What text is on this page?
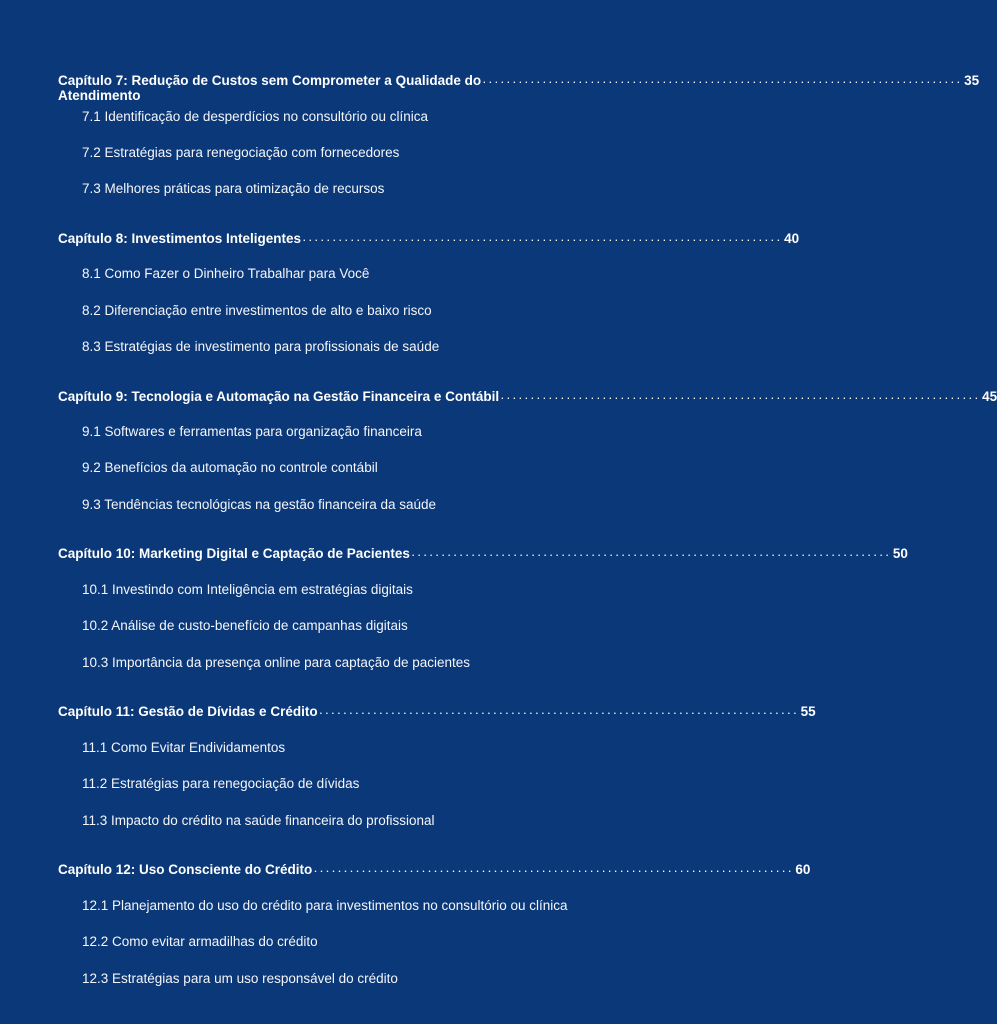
Capítulo 7: Redução de Custos sem Comprometer a Qualidade do . . . . . . . . . . . . . . . . . . . . . . . . . . . . . . . . . . . . . . . . . . . . . . . . . . . . . . . . . . . . . . . . . . . . . . . . . . . . . . . . 35
Atendimento
7.1 Identificação de desperdícios no consultório ou clínica
7.2 Estratégias para renegociação com fornecedores
7.3 Melhores práticas para otimização de recursos
Capítulo 8: Investimentos Inteligentes . . . . . . . . . . . . . . . . . . . . . . . . . . . . . . . . . . . . . . . . . . . . . . . . . . . . . . . . . . . . . . . . . . . . . . . . . . . . . . . . 40
8.1 Como Fazer o Dinheiro Trabalhar para Você
8.2 Diferenciação entre investimentos de alto e baixo risco
8.3 Estratégias de investimento para profissionais de saúde
Capítulo 9: Tecnologia e Automação na Gestão Financeira e Contábil . . . . . . . . . . . . . . . . . . . . . . . . . . . . . . . . . . . . . . . . . . . . . . . . . . . . . . . . . . . . . . . . . . . . . . . . . . . . . . . . 45
9.1 Softwares e ferramentas para organização financeira
9.2 Benefícios da automação no controle contábil
9.3 Tendências tecnológicas na gestão financeira da saúde
Capítulo 10: Marketing Digital e Captação de Pacientes . . . . . . . . . . . . . . . . . . . . . . . . . . . . . . . . . . . . . . . . . . . . . . . . . . . . . . . . . . . . . . . . . . . . . . . . . . . . . . . . 50
10.1 Investindo com Inteligência em estratégias digitais
10.2 Análise de custo-benefício de campanhas digitais
10.3 Importância da presença online para captação de pacientes
Capítulo 11: Gestão de Dívidas e Crédito . . . . . . . . . . . . . . . . . . . . . . . . . . . . . . . . . . . . . . . . . . . . . . . . . . . . . . . . . . . . . . . . . . . . . . . . . . . . . . . . 55
11.1 Como Evitar Endividamentos
11.2 Estratégias para renegociação de dívidas
11.3 Impacto do crédito na saúde financeira do profissional
Capítulo 12: Uso Consciente do Crédito . . . . . . . . . . . . . . . . . . . . . . . . . . . . . . . . . . . . . . . . . . . . . . . . . . . . . . . . . . . . . . . . . . . . . . . . . . . . . . . . 60
12.1 Planejamento do uso do crédito para investimentos no consultório ou clínica
12.2 Como evitar armadilhas do crédito
12.3 Estratégias para um uso responsável do crédito
